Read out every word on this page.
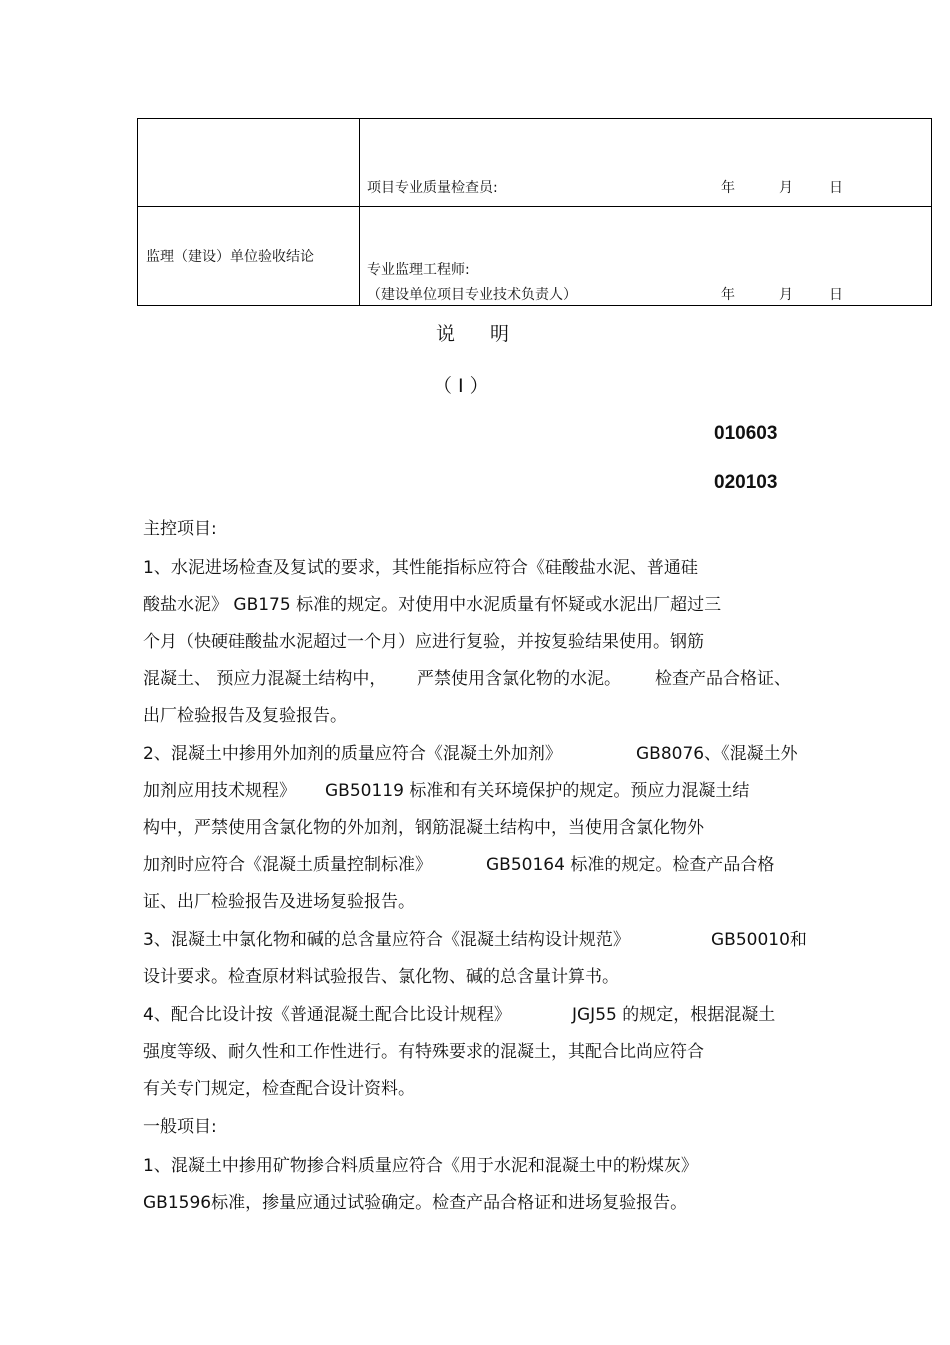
项目专业质量检查员:	年	月	日
监理（建设）单位验收结论
专业监理工程师:
（建设单位项目专业技术负责人）	年	月	日
说 明
（ Ⅰ ）
010603
020103
主控项目:
1、水泥进场检查及复试的要求，其性能指标应符合《硅酸盐水泥、普通硅
酸盐水泥》 GB175 标准的规定。对使用中水泥质量有怀疑或水泥出厂超过三
个月（快硬硅酸盐水泥超过一个月）应进行复验，并按复验结果使用。钢筋
混凝土、 预应力混凝土结构中， 严禁使用含氯化物的水泥。 检查产品合格证、
出厂检验报告及复验报告。
2、混凝土中掺用外加剂的质量应符合《混凝土外加剂》	GB8076、《混凝土外
加剂应用技术规程》 GB50119 标准和有关环境保护的规定。预应力混凝土结
构中，严禁使用含氯化物的外加剂，钢筋混凝土结构中，当使用含氯化物外
加剂时应符合《混凝土质量控制标准》	GB50164 标准的规定。检查产品合格
证、出厂检验报告及进场复验报告。
3、混凝土中氯化物和碱的总含量应符合《混凝土结构设计规范》	GB50010和
设计要求。检查原材料试验报告、氯化物、碱的总含量计算书。
4、配合比设计按《普通混凝土配合比设计规程》	JGJ55 的规定，根据混凝土
强度等级、耐久性和工作性进行。有特殊要求的混凝土，其配合比尚应符合
有关专门规定，检查配合设计资料。
一般项目:
1、混凝土中掺用矿物掺合料质量应符合《用于水泥和混凝土中的粉煤灰》
GB1596标准，掺量应通过试验确定。检查产品合格证和进场复验报告。
